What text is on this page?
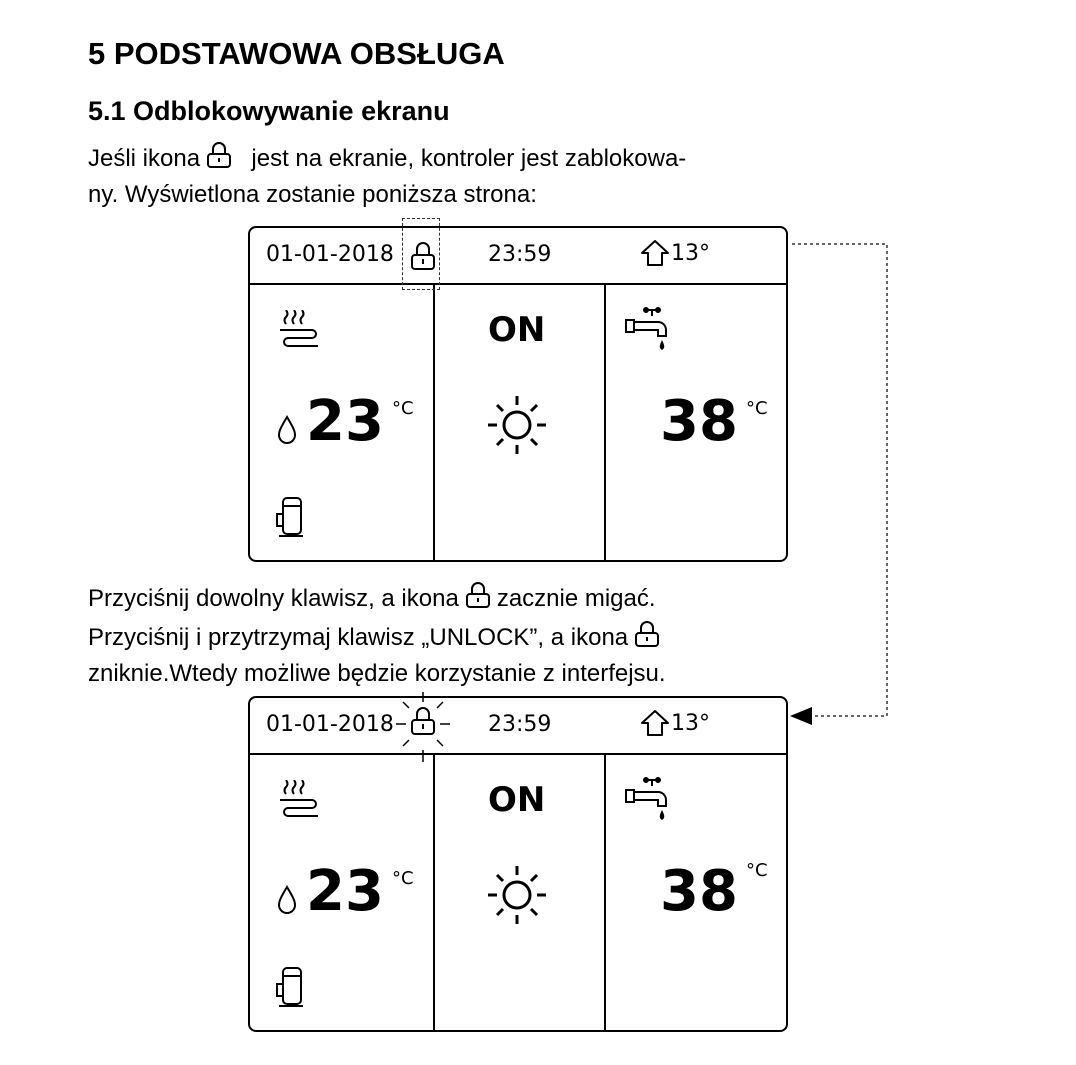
5 PODSTAWOWA OBSŁUGA
5.1 Odblokowywanie ekranu
Jeśli ikona jest na ekranie, kontroler jest zablokowa-
ny. Wyświetlona zostanie poniższa strona:
01-01-2018	23:59	13°
23 °C
ON
38 °C
Przyciśnij dowolny klawisz, a ikona zacznie migać.
Przyciśnij i przytrzymaj klawisz „UNLOCK”, a ikona
zniknie.Wtedy możliwe będzie korzystanie z interfejsu.
01-01-2018	23:59	13°
23 °C
ON
38 °C
